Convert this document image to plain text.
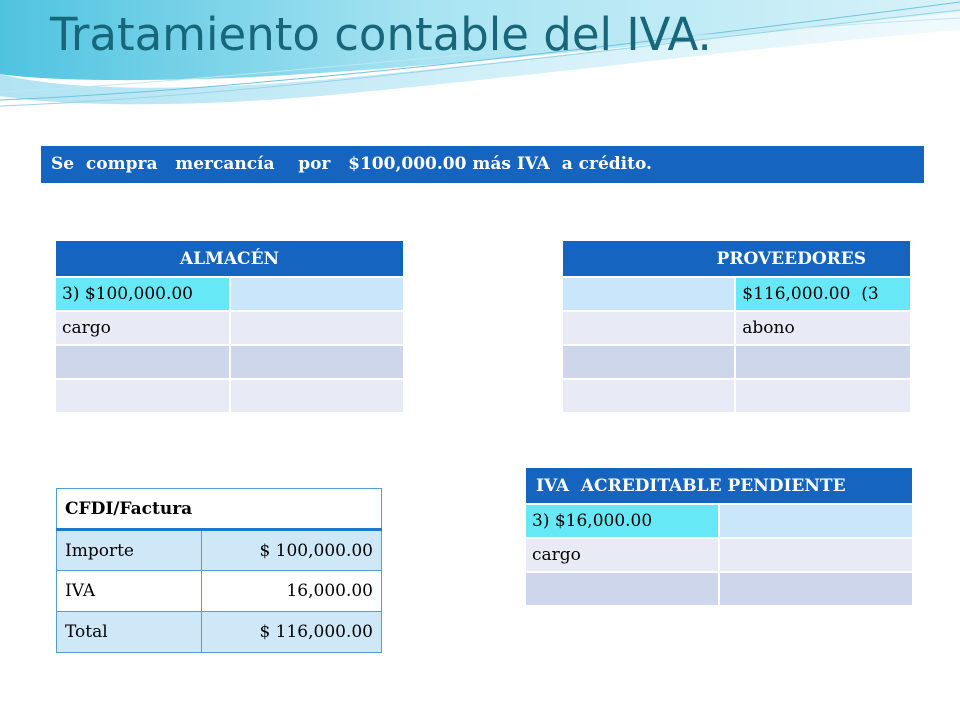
Tratamiento contable del IVA.
Se  compra   mercancía    por   $100,000.00 más IVA  a crédito.
ALMACÉN	
3) $100,000.00	
cargo	

PROVEEDORES	
	$116,000.00  (3
	abono

IVA  ACREDITABLE PENDIENTE	
3) $16,000.00	
cargo	

CFDI/Factura	
Importe	$ 100,000.00
IVA	16,000.00
Total	$ 116,000.00
